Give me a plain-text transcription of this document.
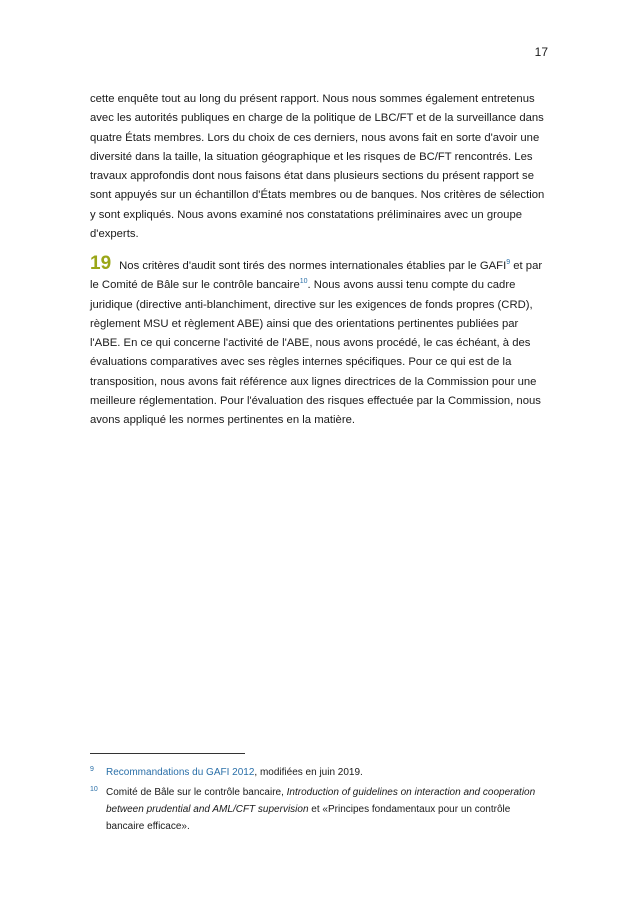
17

cette enquête tout au long du présent rapport. Nous nous sommes également entretenus avec les autorités publiques en charge de la politique de LBC/FT et de la surveillance dans quatre États membres. Lors du choix de ces derniers, nous avons fait en sorte d'avoir une diversité dans la taille, la situation géographique et les risques de BC/FT rencontrés. Les travaux approfondis dont nous faisons état dans plusieurs sections du présent rapport se sont appuyés sur un échantillon d'États membres ou de banques. Nos critères de sélection y sont expliqués. Nous avons examiné nos constatations préliminaires avec un groupe d'experts.

19 Nos critères d'audit sont tirés des normes internationales établies par le GAFI$^9$ et par le Comité de Bâle sur le contrôle bancaire$^{10}$. Nous avons aussi tenu compte du cadre juridique (directive anti-blanchiment, directive sur les exigences de fonds propres (CRD), règlement MSU et règlement ABE) ainsi que des orientations pertinentes publiées par l'ABE. En ce qui concerne l'activité de l'ABE, nous avons procédé, le cas échéant, à des évaluations comparatives avec ses règles internes spécifiques. Pour ce qui est de la transposition, nous avons fait référence aux lignes directrices de la Commission pour une meilleure réglementation. Pour l'évaluation des risques effectuée par la Commission, nous avons appliqué les normes pertinentes en la matière.

9 Recommandations du GAFI 2012, modifiées en juin 2019.

10 Comité de Bâle sur le contrôle bancaire, Introduction of guidelines on interaction and cooperation between prudential and AML/CFT supervision et «Principes fondamentaux pour un contrôle bancaire efficace».
